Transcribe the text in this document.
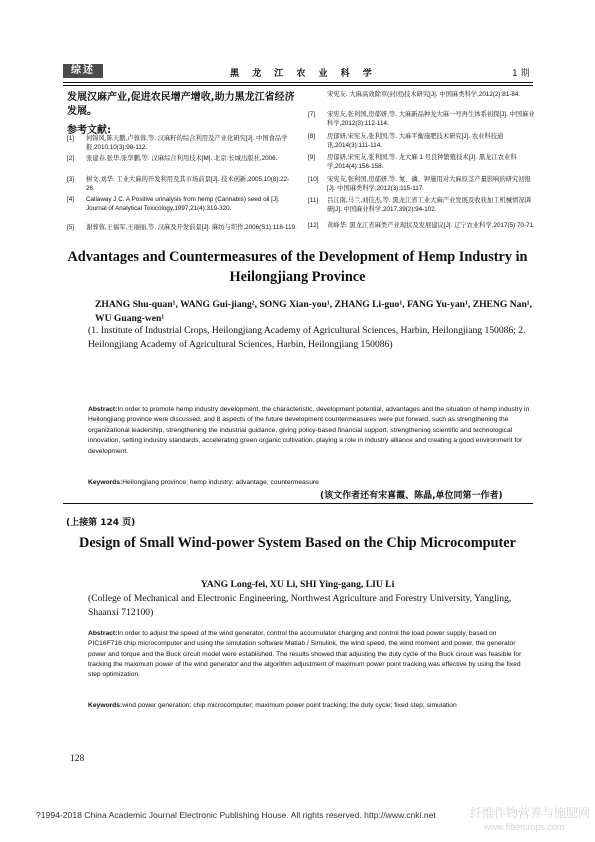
综述	黑 龙 江 农 业 科 学	1 期
发展汉麻产业,促进农民增产增收,助力黑龙江省经济发展。
参考文献:
[1]	何锦风,陈天鹏,卢蓉蓉,等. 汉麻籽的综合利用及产业化研究[J]. 中国食品学报,2010,10(3):98-112.
[2]	张建春,张华,张华鹏,等. 汉麻综合利用技术[M]. 北京:长城出版社,2006.
[3]	树文,刘华. 工业大麻的开发利用及其市场前景[J]. 技术创新,2005,10(8):22-26.
[4]	Callaway J C. A Positive urinalysis from hemp (Cannabis) seed oil [J]. Journal of Analytical Toxicology,1997,21(4):319-320.
[5]	谢蓉蓉,王福军,王丽丽,等. 汉麻及开发前景[J]. 麻纺与织作,2006(S1):118-119.
宋宪友. 大麻高效除草(封闭)技术研究[J]. 中国麻类科学,2012(2):81-84.
[7]	宋宪友,张利国,房郁妍,等. 大麻新品种龙大麻一号再生体系初探[J]. 中国麻业科学,2012(3):112-114.
[8]	房郁妍,宋宪友,张利国,等. 大麻平衡施肥技术研究[J]. 农业科技通讯,2014(3):111-114.
[9]	房郁妍,宋宪友,张利国,等. 龙大麻 1 号良种繁殖技术[J]. 黑龙江农业科学,2014(4):156-158.
[10]	宋宪友,张利国,房郁妍,等. 氮、磷、钾施用对大麻原茎产量影响的研究初报[J]. 中国麻类科学,2012(3):115-117.
[11]	吕江南,马兰,刘佳杰,等. 黑龙江省工业大麻产业发展及收获加工机械情况调研[J]. 中国麻业科学,2017,39(2):94-102.
[12]	黄峰华. 黑龙江省麻类产业现状及发展建议[J]. 辽宁农业科学,2017(5):70-71.
Advantages and Countermeasures of the Development of Hemp Industry in Heilongjiang Province
ZHANG Shu-quan¹, WANG Gui-jiang², SONG Xian-you¹, ZHANG Li-guo¹, FANG Yu-yan¹, ZHENG Nan¹, WU Guang-wen¹
(1. Institute of Industrial Crops, Heilongjiang Academy of Agricultural Sciences, Harbin, Heilongjiang 150086; 2. Heilongjiang Academy of Agricultural Sciences, Harbin, Heilongjiang 150086)
Abstract:In order to promote hemp industry development, the characteristic, development potential, advantages and the situation of hemp industry in Heilongjiang province were discussed, and 8 aspects of the future development countermeasures were put forward, such as strengthening the organizational leadership, strengthening the industrial guidance, giving policy-based financial support, strengthening scientific and technological innovation, setting industry standards, accelerating green organic cultivation, playing a role in industry alliance and creating a good environment for development.
Keywords:Heilongjiang province; hemp industry; advantage; countermeasure
(该文作者还有宋喜霞、陈晶,单位同第一作者)
(上接第 124 页)
Design of Small Wind-power System Based on the Chip Microcomputer
YANG Long-fei, XU Li, SHI Ying-gang, LIU Li
(College of Mechanical and Electronic Engineering, Northwest Agriculture and Forestry University, Yangling, Shaanxi 712100)
Abstract:In order to adjust the speed of the wind generator, control the accumulator charging and control the load power supply, based on PIC16F716 chip microcomputer and using the simulation software Matlab / Simulink, the wind speed, the wind moment and power, the generator power and torque and the Buck circuit model were established. The results showed that adjusting the duty cycle of the Buck circuit was feasible for tracking the maximum power of the wind generator and the algorithm adjustment of maximum power point tracking was effective by using the fixed step optimization.
Keywords:wind power generation; chip microcomputer; maximum power point tracking; the duty cycle; fixed step; simulation
128
?1994-2018 China Academic Journal Electronic Publishing House. All rights reserved. http://www.cnki.net	纤维作物营养与施肥网
www.fibercrops.com
